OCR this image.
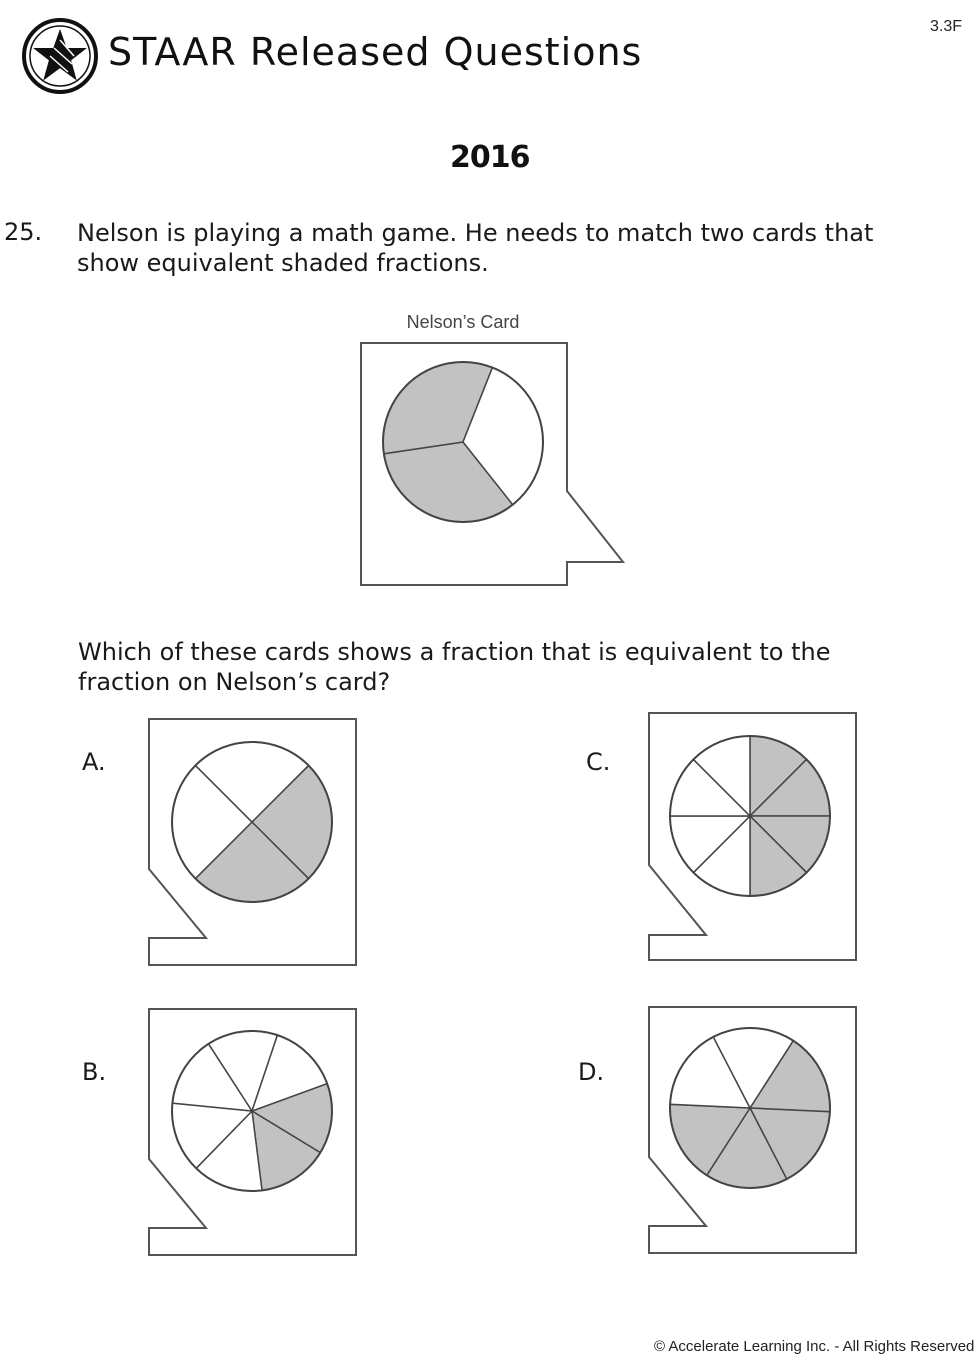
3.3F
STAAR Released Questions
2016
25. Nelson is playing a math game. He needs to match two cards that
show equivalent shaded fractions.
Nelson’s Card
Which of these cards shows a fraction that is equivalent to the
fraction on Nelson’s card?
A.	C.
B.	D.
© Accelerate Learning Inc. - All Rights Reserved
